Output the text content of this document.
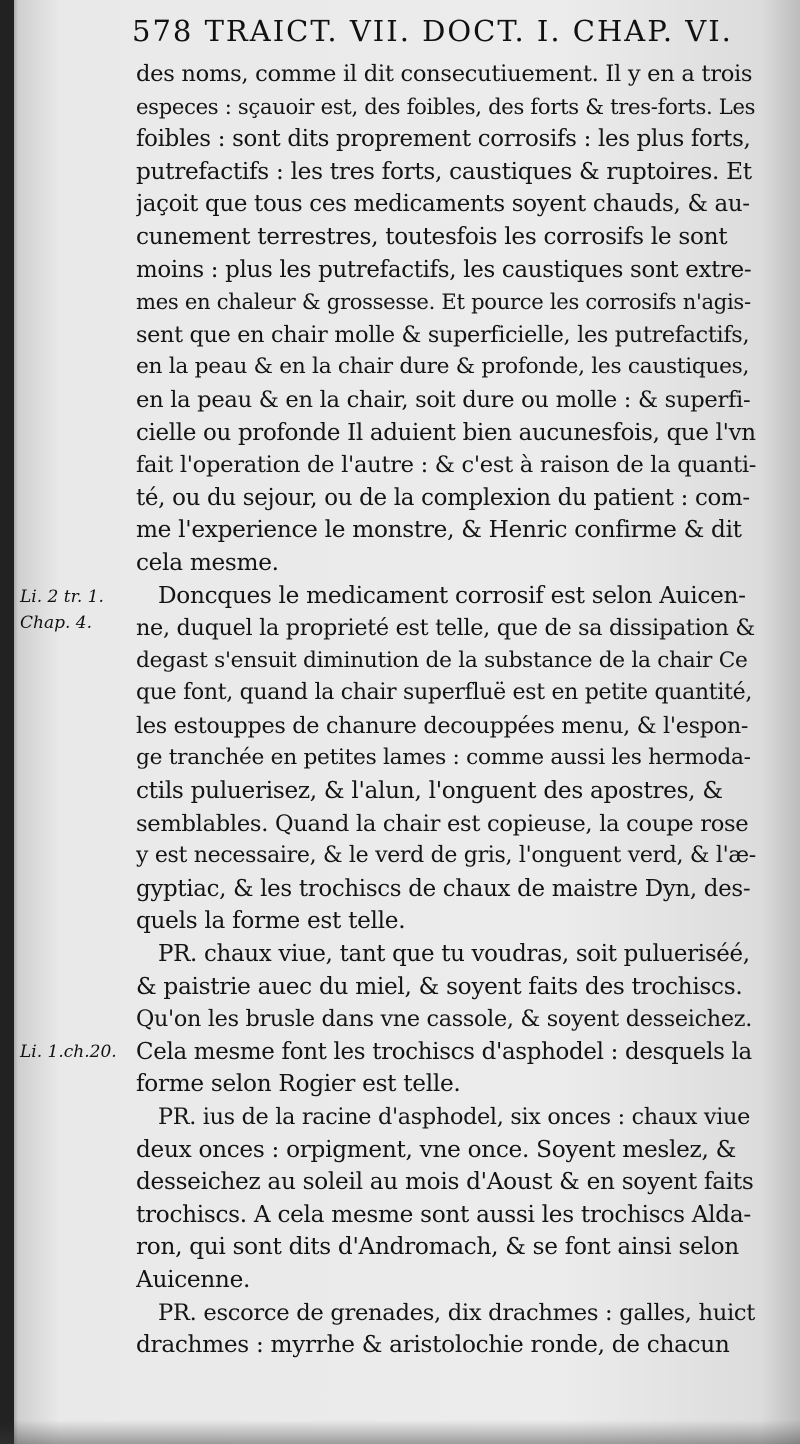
578 TRAICT. VII. DOCT. I. CHAP. VI.
Li. 2 tr. 1.
Chap. 4.
Li. 1.ch.20.
des noms, comme il dit consecutiuement. Il y en a trois
especes : sçauoir est, des foibles, des forts & tres-forts. Les
foibles : sont dits proprement corrosifs : les plus forts,
putrefactifs : les tres forts, caustiques & ruptoires. Et
jaçoit que tous ces medicaments soyent chauds, & au-
cunement terrestres, toutesfois les corrosifs le sont
moins : plus les putrefactifs, les caustiques sont extre-
mes en chaleur & grossesse. Et pource les corrosifs n'agis-
sent que en chair molle & superficielle, les putrefactifs,
en la peau & en la chair dure & profonde, les caustiques,
en la peau & en la chair, soit dure ou molle : & superfi-
cielle ou profonde Il aduient bien aucunesfois, que l'vn
fait l'operation de l'autre : & c'est à raison de la quanti-
té, ou du sejour, ou de la complexion du patient : com-
me l'experience le monstre, & Henric confirme & dit
cela mesme.
Doncques le medicament corrosif est selon Auicen-
ne, duquel la proprieté est telle, que de sa dissipation &
degast s'ensuit diminution de la substance de la chair Ce
que font, quand la chair superfluë est en petite quantité,
les estouppes de chanure decouppées menu, & l'espon-
ge tranchée en petites lames : comme aussi les hermoda-
ctils puluerisez, & l'alun, l'onguent des apostres, &
semblables. Quand la chair est copieuse, la coupe rose
y est necessaire, & le verd de gris, l'onguent verd, & l'æ-
gyptiac, & les trochiscs de chaux de maistre Dyn, des-
quels la forme est telle.
PR. chaux viue, tant que tu voudras, soit pulueriséé,
& paistrie auec du miel, & soyent faits des trochiscs.
Qu'on les brusle dans vne cassole, & soyent desseichez.
Cela mesme font les trochiscs d'asphodel : desquels la
forme selon Rogier est telle.
PR. ius de la racine d'asphodel, six onces : chaux viue
deux onces : orpigment, vne once. Soyent meslez, &
desseichez au soleil au mois d'Aoust & en soyent faits
trochiscs. A cela mesme sont aussi les trochiscs Alda-
ron, qui sont dits d'Andromach, & se font ainsi selon
Auicenne.
PR. escorce de grenades, dix drachmes : galles, huict
drachmes : myrrhe & aristolochie ronde, de chacun
